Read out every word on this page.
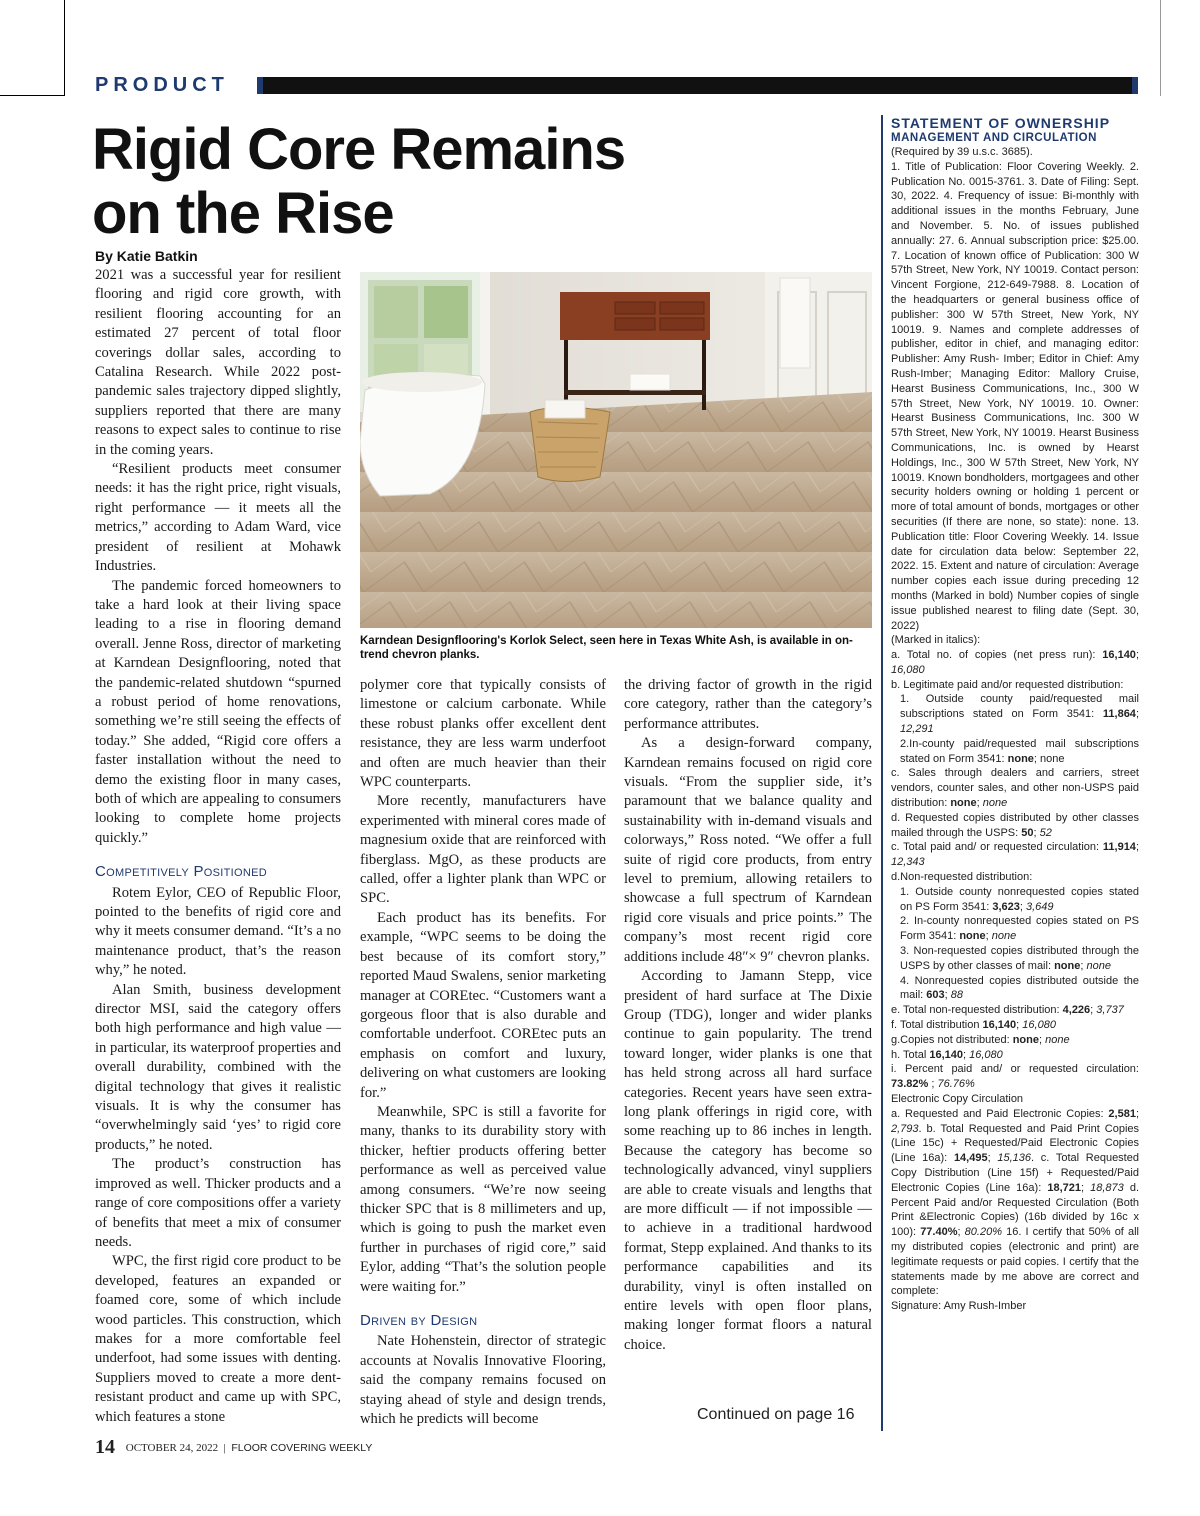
PRODUCT
Rigid Core Remains
on the Rise
By Katie Batkin

2021 was a successful year for resilient flooring and rigid core growth, with resilient flooring accounting for an estimated 27 percent of total floor coverings dollar sales, according to Catalina Research. While 2022 post-pandemic sales trajectory dipped slightly, suppliers reported that there are many reasons to expect sales to continue to rise in the coming years.

“Resilient products meet consumer needs: it has the right price, right visuals, right performance — it meets all the metrics,” according to Adam Ward, vice president of resilient at Mohawk Industries.

The pandemic forced homeowners to take a hard look at their living space leading to a rise in flooring demand overall. Jenne Ross, director of marketing at Karndean Designflooring, noted that the pandemic-related shutdown “spurned a robust period of home renovations, something we’re still seeing the effects of today.” She added, “Rigid core offers a faster installation without the need to demo the existing floor in many cases, both of which are appealing to consumers looking to complete home projects quickly.”

Competitively Positioned

Rotem Eylor, CEO of Republic Floor, pointed to the benefits of rigid core and why it meets consumer demand. “It’s a no maintenance product, that’s the reason why,” he noted.

Alan Smith, business development director MSI, said the category offers both high performance and high value — in particular, its waterproof properties and overall durability, combined with the digital technology that gives it realistic visuals. It is why the consumer has “overwhelmingly said ‘yes’ to rigid core products,” he noted.

The product’s construction has improved as well. Thicker products and a range of core compositions offer a variety of benefits that meet a mix of consumer needs.

WPC, the first rigid core product to be developed, features an expanded or foamed core, some of which include wood particles. This construction, which makes for a more comfortable feel underfoot, had some issues with denting. Suppliers moved to create a more dent-resistant product and came up with SPC, which features a stone

Karndean Designflooring's Korlok Select, seen here in Texas White Ash, is available in on-trend chevron planks.

polymer core that typically consists of limestone or calcium carbonate. While these robust planks offer excellent dent resistance, they are less warm underfoot and often are much heavier than their WPC counterparts.

More recently, manufacturers have experimented with mineral cores made of magnesium oxide that are reinforced with fiberglass. MgO, as these products are called, offer a lighter plank than WPC or SPC.

Each product has its benefits. For example, “WPC seems to be doing the best because of its comfort story,” reported Maud Swalens, senior marketing manager at COREtec. “Customers want a gorgeous floor that is also durable and comfortable underfoot. COREtec puts an emphasis on comfort and luxury, delivering on what customers are looking for.”

Meanwhile, SPC is still a favorite for many, thanks to its durability story with thicker, heftier products offering better performance as well as perceived value among consumers. “We’re now seeing thicker SPC that is 8 millimeters and up, which is going to push the market even further in purchases of rigid core,” said Eylor, adding “That’s the solution people were waiting for.”

Driven by Design

Nate Hohenstein, director of strategic accounts at Novalis Innovative Flooring, said the company remains focused on staying ahead of style and design trends, which he predicts will become

the driving factor of growth in the rigid core category, rather than the category’s performance attributes.

As a design-forward company, Karndean remains focused on rigid core visuals. “From the supplier side, it’s paramount that we balance quality and sustainability with in-demand visuals and colorways,” Ross noted. “We offer a full suite of rigid core products, from entry level to premium, allowing retailers to showcase a full spectrum of Karndean rigid core visuals and price points.” The company’s most recent rigid core additions include 48″× 9″ chevron planks.

According to Jamann Stepp, vice president of hard surface at The Dixie Group (TDG), longer and wider planks continue to gain popularity. The trend toward longer, wider planks is one that has held strong across all hard surface categories. Recent years have seen extra-long plank offerings in rigid core, with some reaching up to 86 inches in length. Because the category has become so technologically advanced, vinyl suppliers are able to create visuals and lengths that are more difficult — if not impossible — to achieve in a traditional hardwood format, Stepp explained. And thanks to its performance capabilities and its durability, vinyl is often installed on entire levels with open floor plans, making longer format floors a natural choice.

Continued on page 16
STATEMENT OF OWNERSHIP
MANAGEMENT AND CIRCULATION
(Required by 39 u.s.c. 3685).
1. Title of Publication: Floor Covering Weekly. 2. Publication No. 0015-3761. 3. Date of Filing: Sept. 30, 2022. 4. Frequency of issue: Bi-monthly with additional issues in the months February, June and November. 5. No. of issues published annually: 27. 6. Annual subscription price: $25.00. 7. Location of known office of Publication: 300 W 57th Street, New York, NY 10019. Contact person: Vincent Forgione, 212-649-7988. 8. Location of the headquarters or general business office of publisher: 300 W 57th Street, New York, NY 10019. 9. Names and complete addresses of publisher, editor in chief, and managing editor: Publisher: Amy Rush- Imber; Editor in Chief: Amy Rush-Imber; Managing Editor: Mallory Cruise, Hearst Business Communications, Inc., 300 W 57th Street, New York, NY 10019. 10. Owner: Hearst Business Communications, Inc. 300 W 57th Street, New York, NY 10019. Hearst Business Communications, Inc. is owned by Hearst Holdings, Inc., 300 W 57th Street, New York, NY 10019. Known bondholders, mortgagees and other security holders owning or holding 1 percent or more of total amount of bonds, mortgages or other securities (If there are none, so state): none. 13. Publication title: Floor Covering Weekly. 14. Issue date for circulation data below: September 22, 2022. 15. Extent and nature of circulation: Average number copies each issue during preceding 12 months (Marked in bold) Number copies of single issue published nearest to filing date (Sept. 30, 2022)
(Marked in italics):
a. Total no. of copies (net press run): 16,140; 16,080
b. Legitimate paid and/or requested distribution:
1. Outside county paid/requested mail subscriptions stated on Form 3541: 11,864; 12,291
2.In-county paid/requested mail subscriptions stated on Form 3541: none; none
c. Sales through dealers and carriers, street vendors, counter sales, and other non-USPS paid distribution: none; none
d. Requested copies distributed by other classes mailed through the USPS: 50; 52
c. Total paid and/ or requested circulation: 11,914; 12,343
d.Non-requested distribution:
1. Outside county nonrequested copies stated on PS Form 3541: 3,623; 3,649
2. In-county nonrequested copies stated on PS Form 3541: none; none
3. Non-requested copies distributed through the USPS by other classes of mail: none; none
4. Nonrequested copies distributed outside the mail: 603; 88
e. Total non-requested distribution: 4,226; 3,737
f. Total distribution 16,140; 16,080
g.Copies not distributed: none; none
h. Total 16,140; 16,080
i. Percent paid and/ or requested circulation: 73.82% ; 76.76%
Electronic Copy Circulation
a. Requested and Paid Electronic Copies: 2,581; 2,793. b. Total Requested and Paid Print Copies (Line 15c) + Requested/Paid Electronic Copies (Line 16a): 14,495; 15,136. c. Total Requested Copy Distribution (Line 15f) + Requested/Paid Electronic Copies (Line 16a): 18,721; 18,873 d. Percent Paid and/or Requested Circulation (Both Print &Electronic Copies) (16b divided by 16c x 100): 77.40%; 80.20% 16. I certify that 50% of all my distributed copies (electronic and print) are legitimate requests or paid copies. I certify that the statements made by me above are correct and complete:
Signature: Amy Rush-Imber
14 OCTOBER 24, 2022 | FLOOR COVERING WEEKLY
